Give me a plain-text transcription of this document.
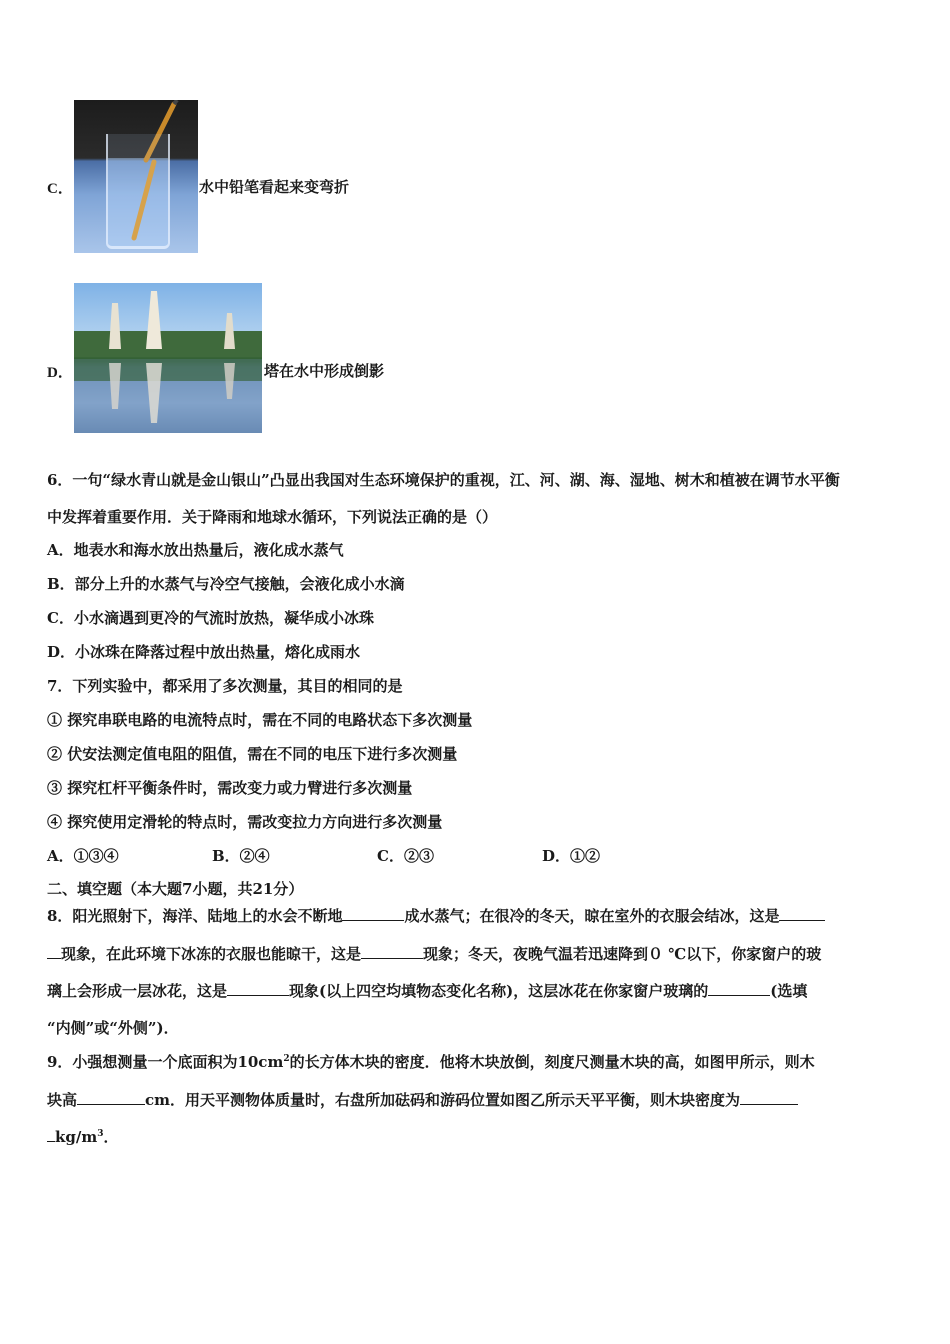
C．	水中铅笔看起来变弯折
D．	塔在水中形成倒影
6．一句“绿水青山就是金山银山”凸显出我国对生态环境保护的重视，江、河、湖、海、湿地、树木和植被在调节水平衡
中发挥着重要作用．关于降雨和地球水循环，下列说法正确的是（）
A．地表水和海水放出热量后，液化成水蒸气
B．部分上升的水蒸气与冷空气接触，会液化成小水滴
C．小水滴遇到更冷的气流时放热，凝华成小冰珠
D．小冰珠在降落过程中放出热量，熔化成雨水
7．下列实验中，都采用了多次测量，其目的相同的是
① 探究串联电路的电流特点时，需在不同的电路状态下多次测量
② 伏安法测定值电阻的阻值，需在不同的电压下进行多次测量
③ 探究杠杆平衡条件时，需改变力或力臂进行多次测量
④ 探究使用定滑轮的特点时，需改变拉力方向进行多次测量
A．①③④	B．②④	C．②③	D．①②
二、填空题（本大题7小题，共21分）
8．阳光照射下，海洋、陆地上的水会不断地	成水蒸气；在很冷的冬天，晾在室外的衣服会结冰，这是
现象，在此环境下冰冻的衣服也能晾干，这是	现象；冬天，夜晚气温若迅速降到０ ℃以下，你家窗户的玻
璃上会形成一层冰花，这是	现象(以上四空均填物态变化名称)，这层冰花在你家窗户玻璃的	(选填
“内侧”或“外侧”)．
9．小强想测量一个底面积为$10cm^2$的长方体木块的密度．他将木块放倒，刻度尺测量木块的高，如图甲所示，则木
块高	cm．用天平测物体质量时，右盘所加砝码和游码位置如图乙所示天平平衡，则木块密度为
$kg/m^3$．
